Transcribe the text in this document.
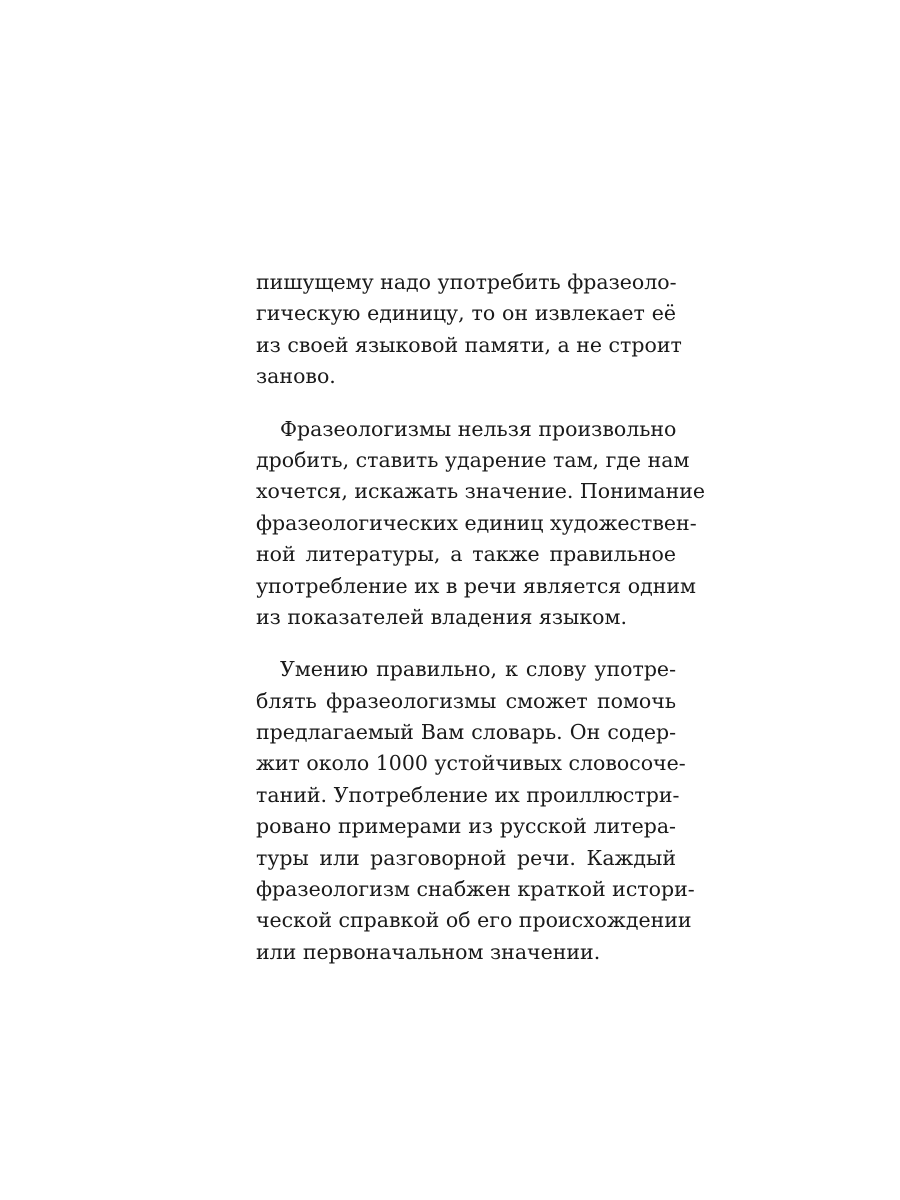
пишущему надо употребить фразеоло-
гическую единицу, то он извлекает её
из своей языковой памяти, а не строит
заново.

Фразеологизмы нельзя произвольно
дробить, ставить ударение там, где нам
хочется, искажать значение. Понимание
фразеологических единиц художествен-
ной литературы, а также правильное
употребление их в речи является одним
из показателей владения языком.

Умению правильно, к слову употре-
блять фразеологизмы сможет помочь
предлагаемый Вам словарь. Он содер-
жит около 1000 устойчивых словосоче-
таний. Употребление их проиллюстри-
ровано примерами из русской литера-
туры или разговорной речи. Каждый
фразеологизм снабжен краткой истори-
ческой справкой об его происхождении
или первоначальном значении.
